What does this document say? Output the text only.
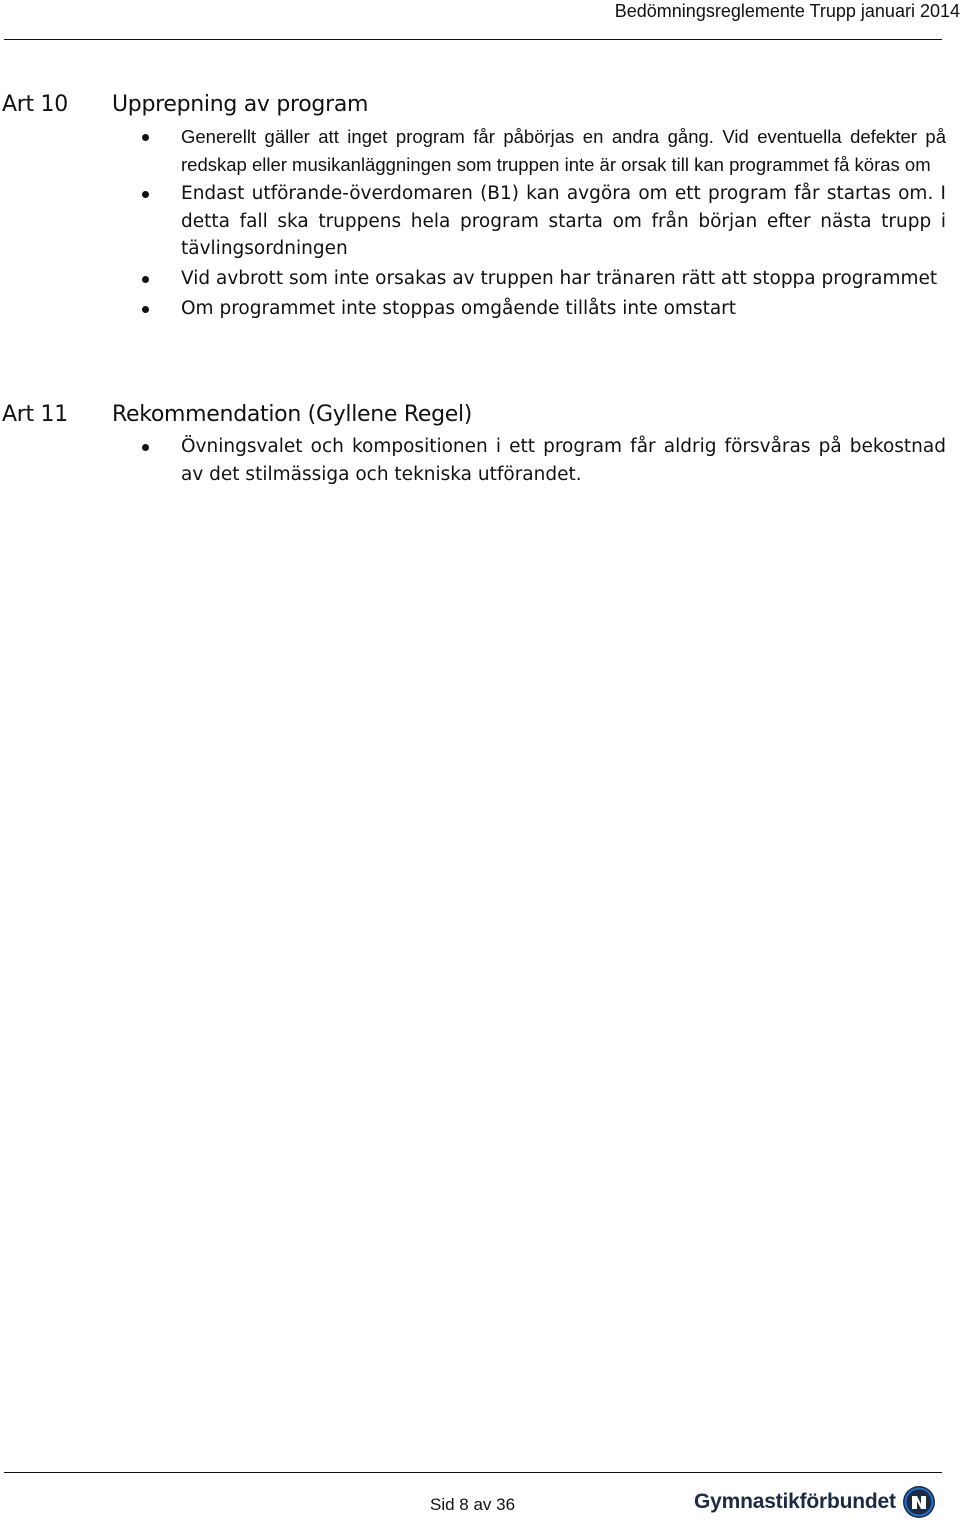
Bedömningsreglemente Trupp januari 2014
Art 10 Upprepning av program
Generellt gäller att inget program får påbörjas en andra gång. Vid eventuella defekter på redskap eller musikanläggningen som truppen inte är orsak till kan programmet få köras om
Endast utförande-överdomaren (B1) kan avgöra om ett program får startas om. I detta fall ska truppens hela program starta om från början efter nästa trupp i tävlingsordningen
Vid avbrott som inte orsakas av truppen har tränaren rätt att stoppa programmet
Om programmet inte stoppas omgående tillåts inte omstart
Art 11 Rekommendation (Gyllene Regel)
Övningsvalet och kompositionen i ett program får aldrig försvåras på bekostnad av det stilmässiga och tekniska utförandet.
Sid 8 av 36	Gymnastikförbundet
